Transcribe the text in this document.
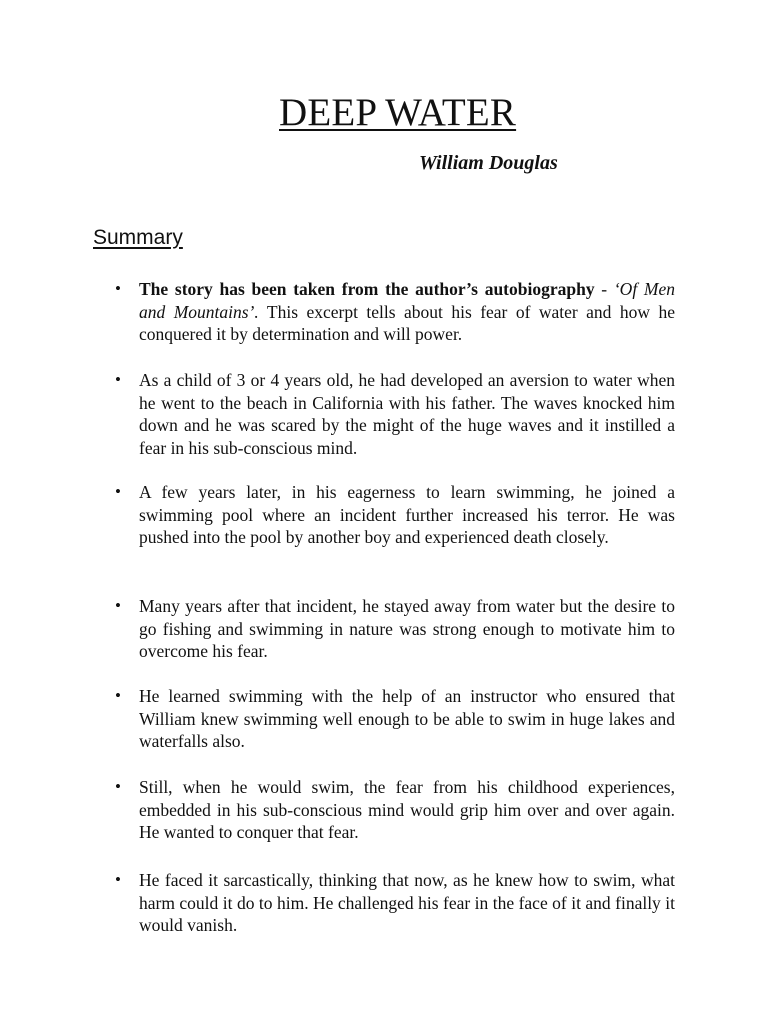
DEEP WATER

William Douglas

Summary
•	The story has been taken from the author’s autobiography - ‘Of Men and Mountains’. This excerpt tells about his fear of water and how he conquered it by determination and will power.
•	As a child of 3 or 4 years old, he had developed an aversion to water when he went to the beach in California with his father. The waves knocked him down and he was scared by the might of the huge waves and it instilled a fear in his sub-conscious mind.
•	A few years later, in his eagerness to learn swimming, he joined a swimming pool where an incident further increased his terror. He was pushed into the pool by another boy and experienced death closely.
•	Many years after that incident, he stayed away from water but the desire to go fishing and swimming in nature was strong enough to motivate him to overcome his fear.
•	He learned swimming with the help of an instructor who ensured that William knew swimming well enough to be able to swim in huge lakes and waterfalls also.
•	Still, when he would swim, the fear from his childhood experiences, embedded in his sub-conscious mind would grip him over and over again. He wanted to conquer that fear.
•	He faced it sarcastically, thinking that now, as he knew how to swim, what harm could it do to him. He challenged his fear in the face of it and finally it would vanish.
